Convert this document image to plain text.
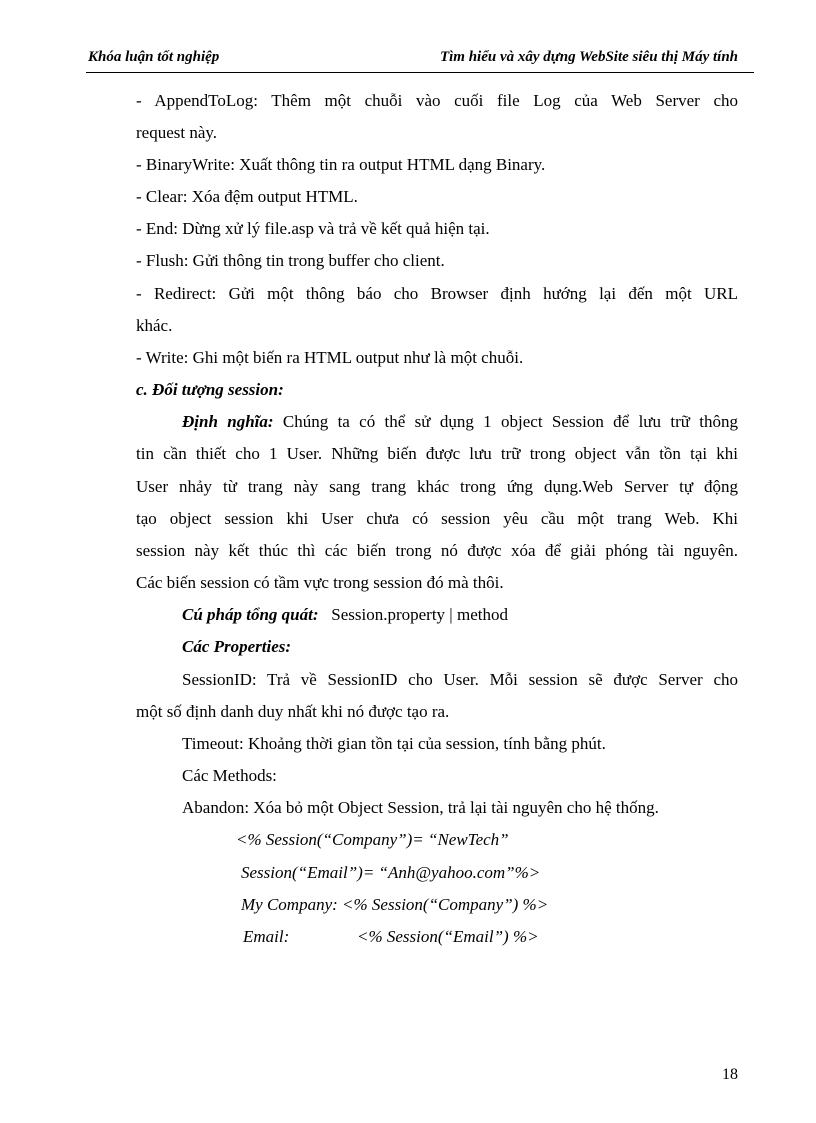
Khóa luận tốt nghiệp	Tìm hiểu và xây dựng WebSite siêu thị Máy tính
- AppendToLog: Thêm một chuỗi vào cuối file Log của Web Server cho
request này.
- BinaryWrite: Xuất thông tin ra output HTML dạng Binary.
- Clear: Xóa đệm output HTML.
- End: Dừng xử lý file.asp và trả về kết quả hiện tại.
- Flush: Gửi thông tin trong buffer cho client.
- Redirect: Gửi một thông báo cho Browser định hướng lại đến một URL
khác.
- Write: Ghi một biến ra HTML output như là một chuỗi.
c. Đối tượng session:
Định nghĩa: Chúng ta có thể sử dụng 1 object Session để lưu trữ thông
tin cần thiết cho 1 User. Những biến được lưu trữ trong object vẫn tồn tại khi
User nhảy từ trang này sang trang khác trong ứng dụng.Web Server tự động
tạo object session khi User chưa có session yêu cầu một trang Web. Khi
session này kết thúc thì các biến trong nó được xóa để giải phóng tài nguyên.
Các biến session có tầm vực trong session đó mà thôi.
Cú pháp tổng quát: Session.property | method
Các Properties:
SessionID: Trả về SessionID cho User. Mỗi session sẽ được Server cho
một số định danh duy nhất khi nó được tạo ra.
Timeout: Khoảng thời gian tồn tại của session, tính bằng phút.
Các Methods:
Abandon: Xóa bỏ một Object Session, trả lại tài nguyên cho hệ thống.
<% Session(“Company”)= “NewTech”
Session(“Email”)= “Anh@yahoo.com”%>
My Company: <% Session(“Company”) %>
Email:	<% Session(“Email”) %>
18
